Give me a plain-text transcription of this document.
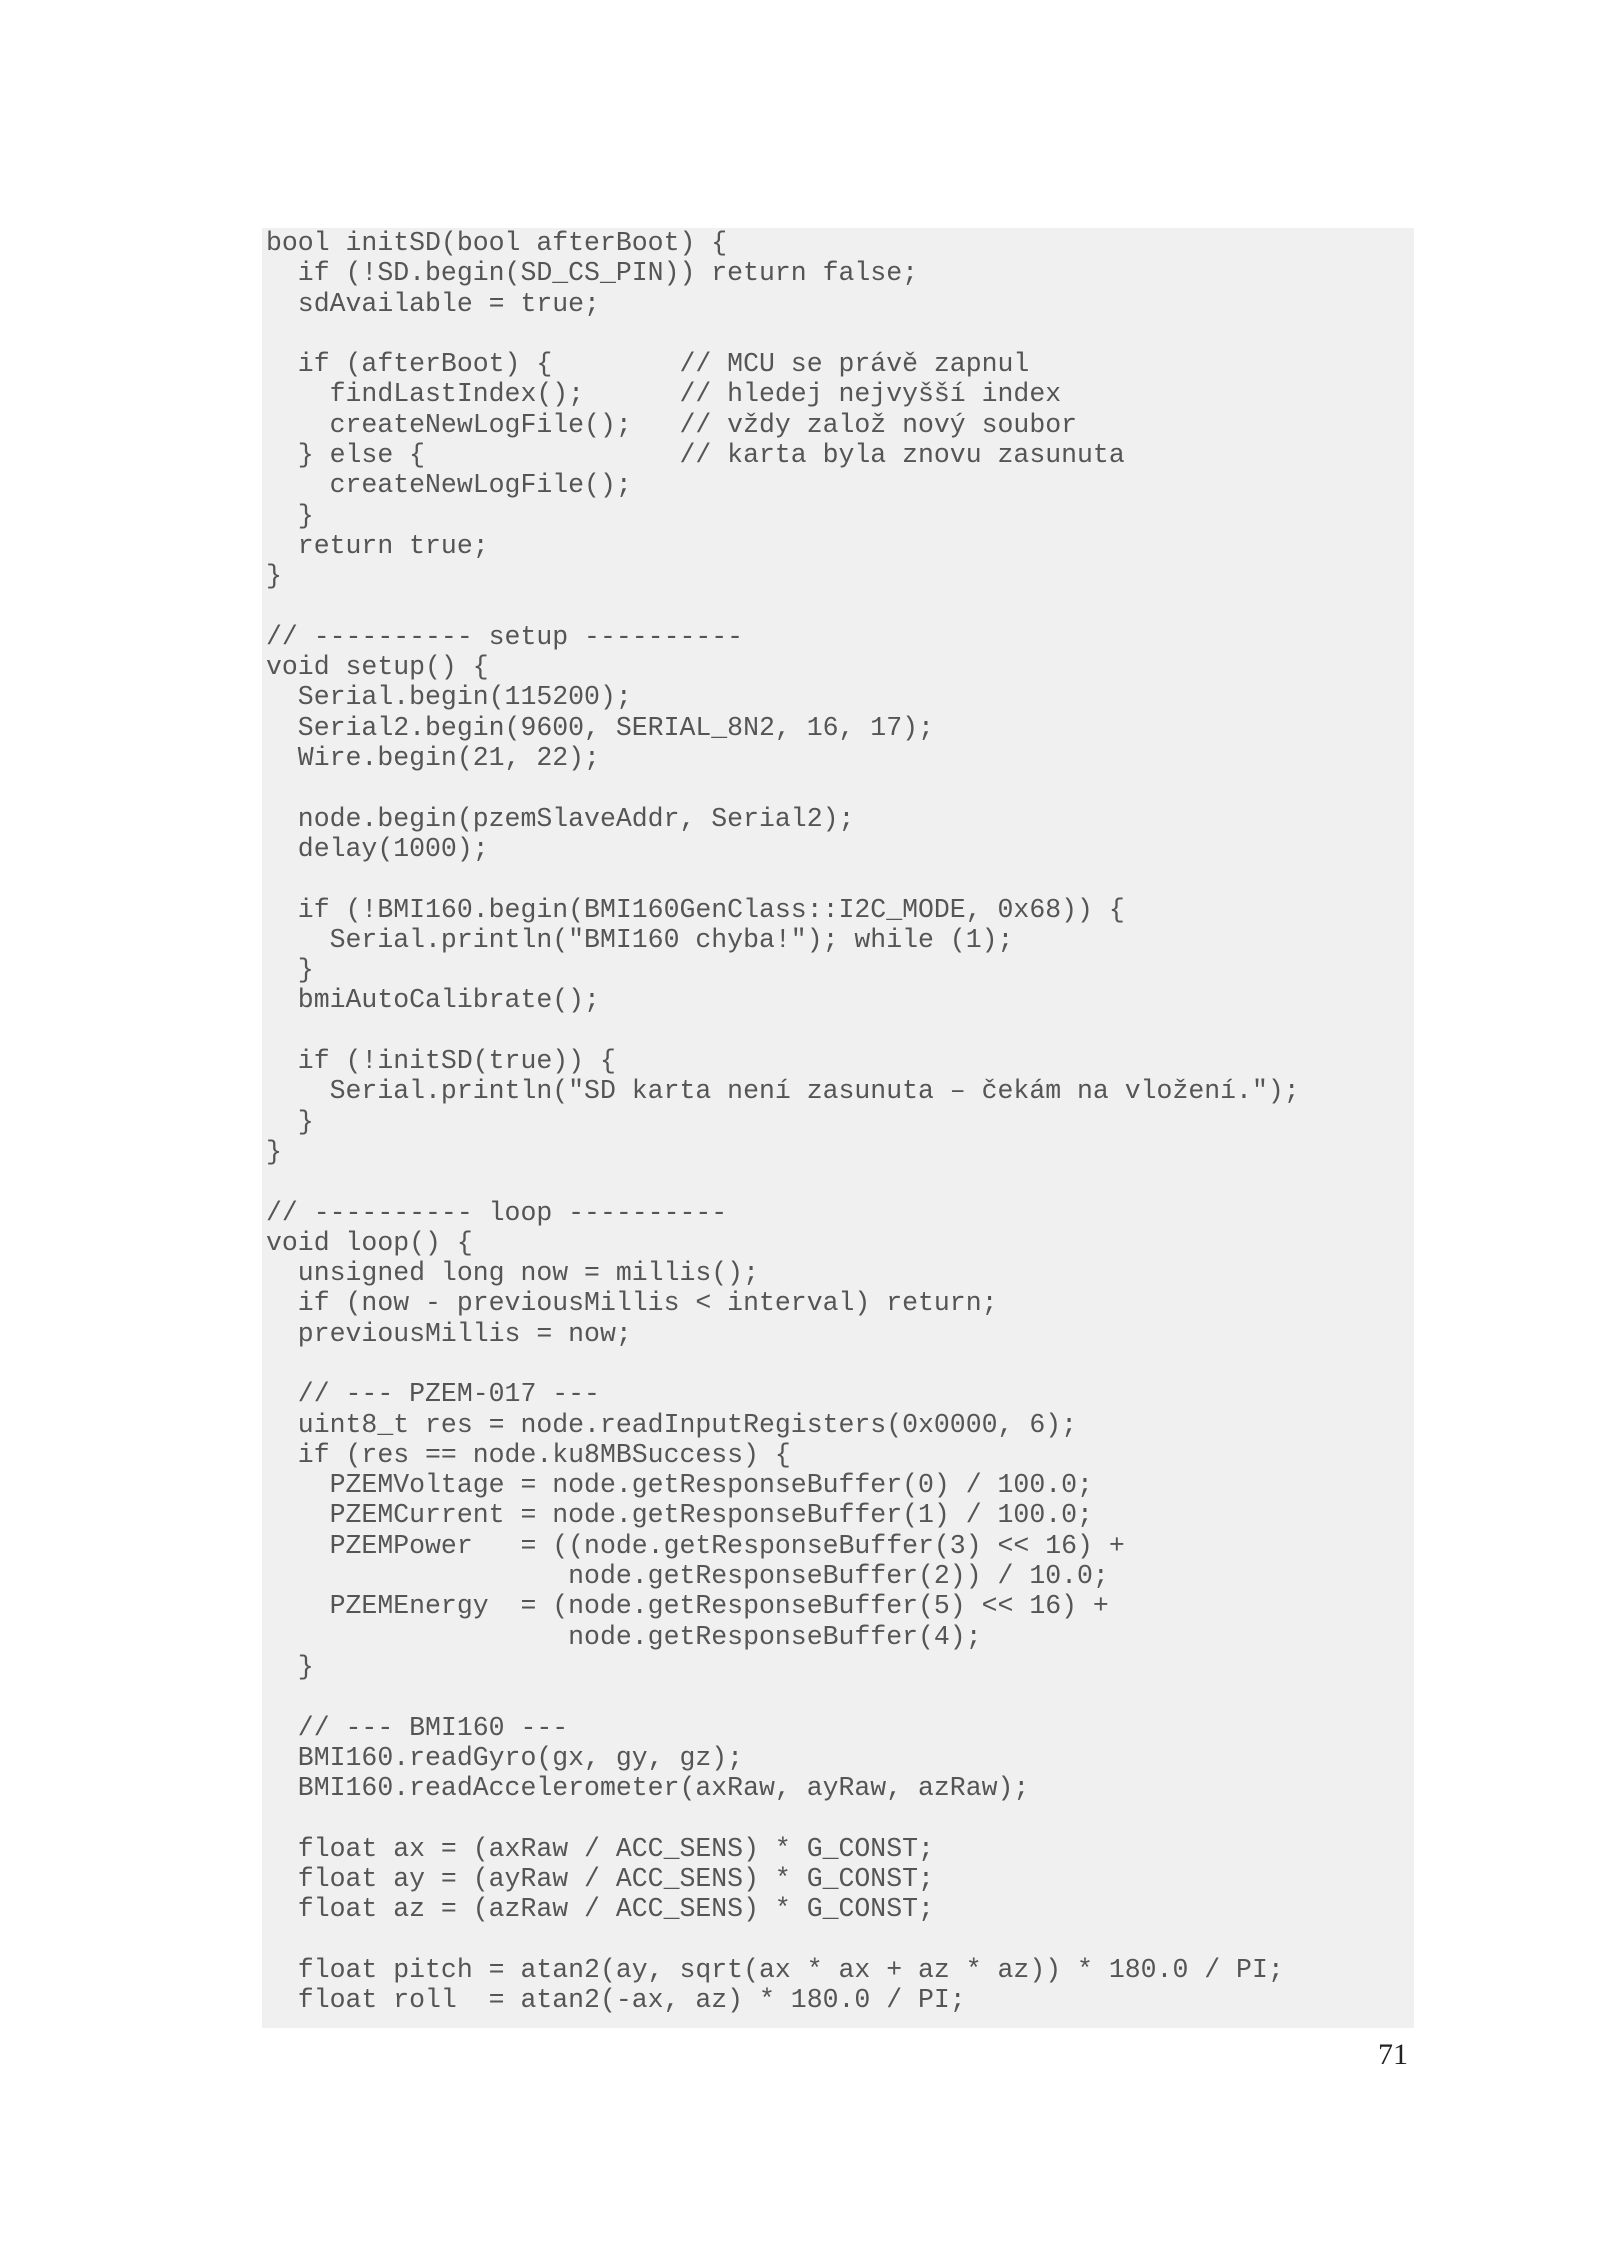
bool initSD(bool afterBoot) {
if (!SD.begin(SD_CS_PIN)) return false;
sdAvailable = true;
if (afterBoot) {        // MCU se právě zapnul
findLastIndex();      // hledej nejvyšší index
createNewLogFile();   // vždy založ nový soubor
} else {                // karta byla znovu zasunuta
createNewLogFile();
}
return true;
}
// ---------- setup ----------
void setup() {
Serial.begin(115200);
Serial2.begin(9600, SERIAL_8N2, 16, 17);
Wire.begin(21, 22);
node.begin(pzemSlaveAddr, Serial2);
delay(1000);
if (!BMI160.begin(BMI160GenClass::I2C_MODE, 0x68)) {
Serial.println("BMI160 chyba!"); while (1);
}
bmiAutoCalibrate();
if (!initSD(true)) {
Serial.println("SD karta není zasunuta – čekám na vložení.");
}
}
// ---------- loop ----------
void loop() {
unsigned long now = millis();
if (now - previousMillis < interval) return;
previousMillis = now;
// --- PZEM-017 ---
uint8_t res = node.readInputRegisters(0x0000, 6);
if (res == node.ku8MBSuccess) {
PZEMVoltage = node.getResponseBuffer(0) / 100.0;
PZEMCurrent = node.getResponseBuffer(1) / 100.0;
PZEMPower   = ((node.getResponseBuffer(3) << 16) +
node.getResponseBuffer(2)) / 10.0;
PZEMEnergy  = (node.getResponseBuffer(5) << 16) +
node.getResponseBuffer(4);
}
// --- BMI160 ---
BMI160.readGyro(gx, gy, gz);
BMI160.readAccelerometer(axRaw, ayRaw, azRaw);
float ax = (axRaw / ACC_SENS) * G_CONST;
float ay = (ayRaw / ACC_SENS) * G_CONST;
float az = (azRaw / ACC_SENS) * G_CONST;
float pitch = atan2(ay, sqrt(ax * ax + az * az)) * 180.0 / PI;
float roll  = atan2(-ax, az) * 180.0 / PI;
71
